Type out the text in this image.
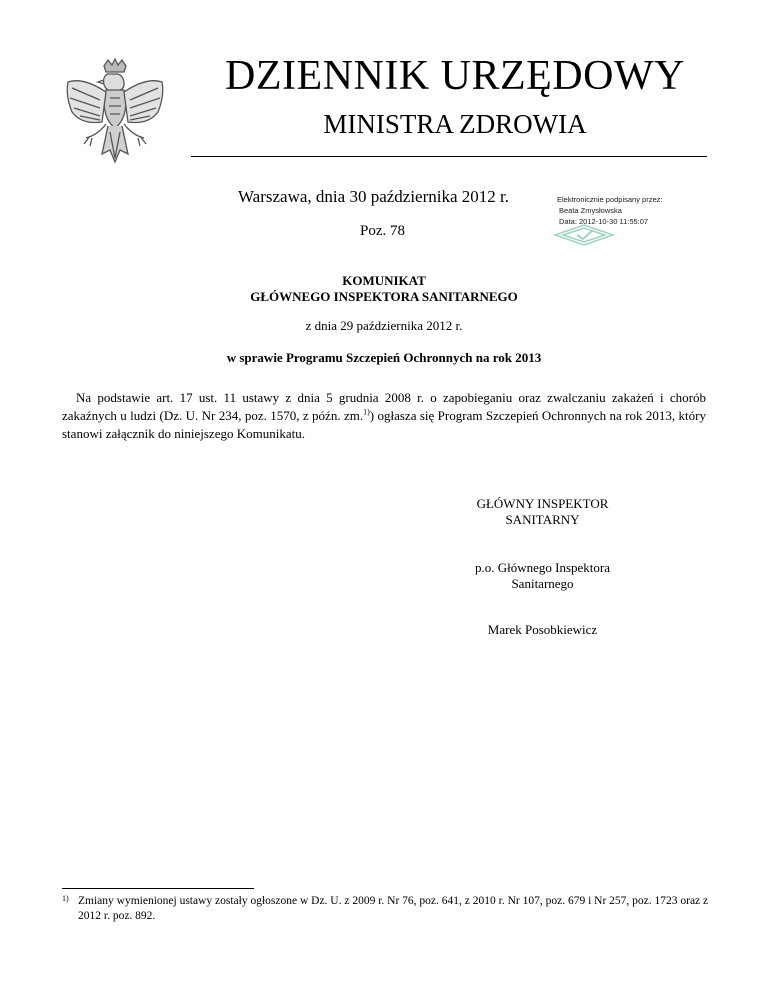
DZIENNIK URZĘDOWY
MINISTRA ZDROWIA
Warszawa, dnia 30 października 2012 r.
Poz. 78
Elektronicznie podpisany przez:
Beata Zmysłowska
Data: 2012-10-30 11:55:07
KOMUNIKAT
GŁÓWNEGO INSPEKTORA SANITARNEGO
z dnia 29 października 2012 r.
w sprawie Programu Szczepień Ochronnych na rok 2013
Na podstawie art. 17 ust. 11 ustawy z dnia 5 grudnia 2008 r. o zapobieganiu oraz zwalczaniu zakażeń i chorób zakaźnych u ludzi (Dz. U. Nr 234, poz. 1570, z późn. zm.$^{1)}$) ogłasza się Program Szczepień Ochronnych na rok 2013, który stanowi załącznik do niniejszego Komunikatu.
GŁÓWNY INSPEKTOR
SANITARNY
p.o. Głównego Inspektora
Sanitarnego
Marek Posobkiewicz
1) Zmiany wymienionej ustawy zostały ogłoszone w Dz. U. z 2009 r. Nr 76, poz. 641, z 2010 r. Nr 107, poz. 679 i Nr 257, poz. 1723 oraz z 2012 r. poz. 892.
